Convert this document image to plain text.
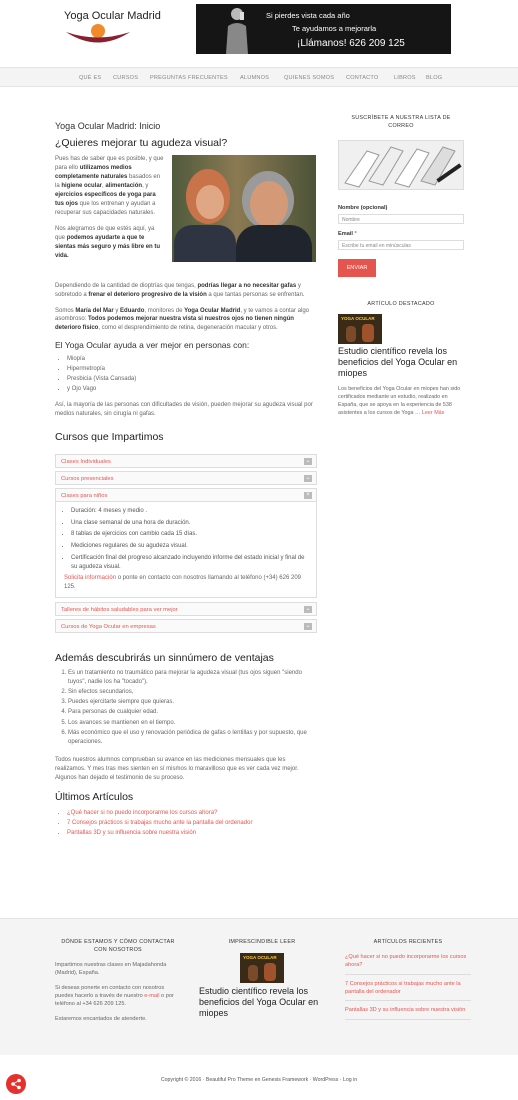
Yoga Ocular Madrid	Si pierdes vista cada año
Te ayudamos a mejorarla
¡Llámanos! 626 209 125
QUÉ ES CURSOS PREGUNTAS FRECUENTES ALUMNOS	QUIENES SOMOS CONTACTO	LIBROS BLOG
Yoga Ocular Madrid: Inicio
¿Quieres mejorar tu agudeza visual?

Pues has de saber que es posible, y que para ello utilizamos medios completamente naturales basados en la higiene ocular, alimentación, y ejercicios específicos de yoga para tus ojos que los entrenan y ayudan a recuperar sus capacidades naturales.

Nos alegramos de que estés aquí, ya que podemos ayudarte a que te sientas más seguro y más libre en tu vida.

Dependiendo de la cantidad de dioptrías que tengas, podrías llegar a no necesitar gafas y sobretodo a frenar el deterioro progresivo de la visión a que tantas personas se enfrentan.

Somos María del Mar y Eduardo, monitores de Yoga Ocular Madrid, y te vamos a contar algo asombroso: Todos podemos mejorar nuestra vista si nuestros ojos no tienen ningún deterioro físico, como el desprendimiento de retina, degeneración macular y otros.

El Yoga Ocular ayuda a ver mejor en personas con:
• Miopía
• Hipermetropía
• Presbicia (Vista Cansada)
• y Ojo Vago

Así, la mayoría de las personas con dificultades de visión, pueden mejorar su agudeza visual por medios naturales, sin cirugía ni gafas.

Cursos que Impartimos
Clases Individuales	⌄
Cursos presenciales	⌄
Clases para niños	×
• Duración: 4 meses y medio .
• Una clase semanal de una hora de duración.
• 8 tablas de ejercicios con cambio cada 15 días.
• Mediciones regulares de su agudeza visual.
• Certificación final del progreso alcanzado incluyendo informe del estado inicial y final de su agudeza visual.
Solicita información o ponte en contacto con nosotros llamando al teléfono (+34) 626 209 125.
Talleres de hábitos saludables para ver mejor	⌄
Cursos de Yoga Ocular en empresas	⌄
Además descubrirás un sinnúmero de ventajas
1. Es un tratamiento no traumático para mejorar la agudeza visual (tus ojos siguen "siendo tuyos", nadie los ha "tocado").
2. Sin efectos secundarios,
3. Puedes ejercitarte siempre que quieras.
4. Para personas de cualquier edad.
5. Los avances se mantienen en el tiempo.
6. Más económico que el uso y renovación periódica de gafas o lentillas y por supuesto, que operaciones.

Todos nuestros alumnos comprueban su avance en las mediciones mensuales que les realizamos. Y mes tras mes sienten en sí mismos lo maravilloso que es ver cada vez mejor. Algunos han dejado el testimonio de su proceso.

Últimos Artículos
• ¿Qué hacer si no puedo incorporarme los cursos ahora?
• 7 Consejos prácticos si trabajas mucho ante la pantalla del ordenador
• Pantallas 3D y su influencia sobre nuestra visión
SUSCRÍBETE A NUESTRA LISTA DE CORREO
Nombre (opcional)
Nombre
Email *
Escribe tu email en minúsculas
ENVIAR
ARTÍCULO DESTACADO
YOGA OCULAR
Estudio científico revela los beneficios del Yoga Ocular en miopes

Los beneficios del Yoga Ocular en miopes han sido certificados mediante un estudio, realizado en España, que se apoya en la experiencia de 538 asistentes a los cursos de Yoga … Leer Más

DÓNDE ESTAMOS Y CÓMO CONTACTAR CON NOSOTROS

Impartimos nuestras clases en Majadahonda (Madrid), España.

Si deseas ponerte en contacto con nosotros puedes hacerlo a través de nuestro e-mail o por teléfono al +34 626 209 125.

Estaremos encantados de atenderte.

IMPRESCINDIBLE LEER
YOGA OCULAR
Estudio científico revela los beneficios del Yoga Ocular en miopes
ARTÍCULOS RECIENTES
¿Qué hacer si no puedo incorporarme los cursos ahora?
7 Consejos prácticos si trabajas mucho ante la pantalla del ordenador
Pantallas 3D y su influencia sobre nuestra visión
Copyright © 2016 · Beautiful Pro Theme en Genesis Framework · WordPress · Log in
